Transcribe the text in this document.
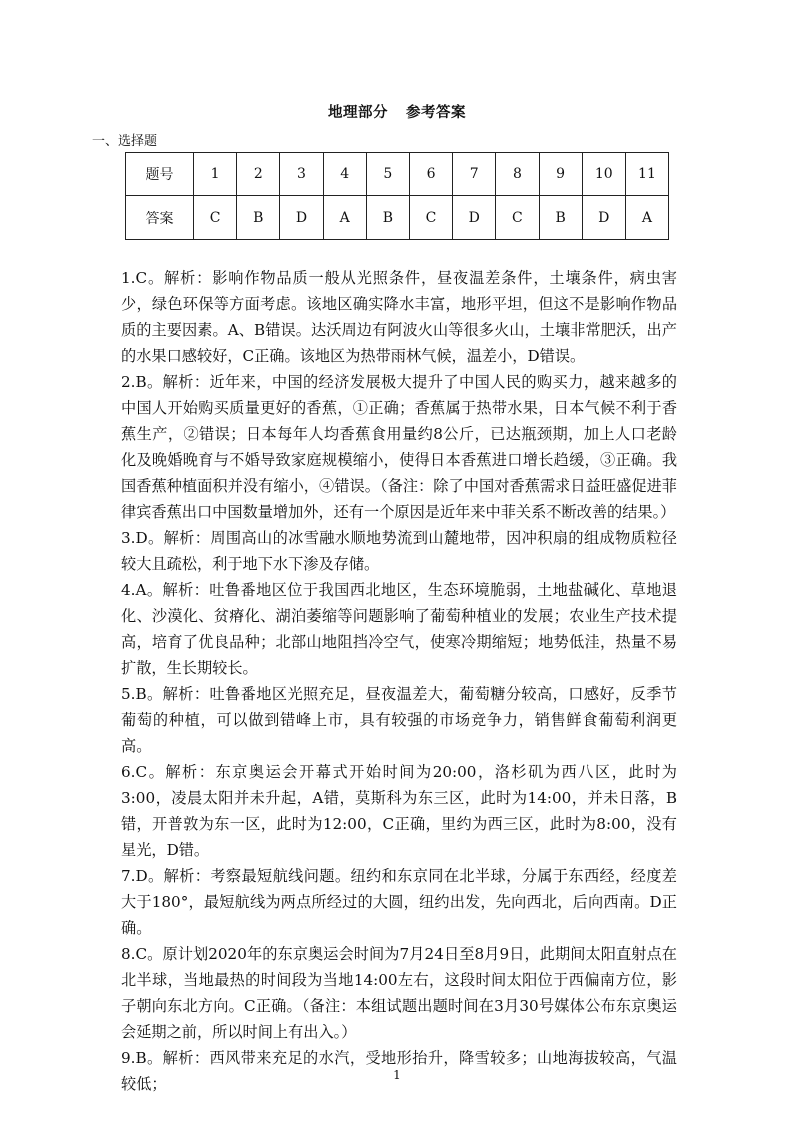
地理部分 参考答案
一、选择题
题号	1	2	3	4	5	6	7	8	9	10	11
答案	C	B	D	A	B	C	D	C	B	D	A

1.C。解析：影响作物品质一般从光照条件，昼夜温差条件，土壤条件，病虫害少，绿色环保等方面考虑。该地区确实降水丰富，地形平坦，但这不是影响作物品质的主要因素。A、B错误。达沃周边有阿波火山等很多火山，土壤非常肥沃，出产的水果口感较好，C正确。该地区为热带雨林气候，温差小，D错误。

2.B。解析：近年来，中国的经济发展极大提升了中国人民的购买力，越来越多的中国人开始购买质量更好的香蕉，①正确；香蕉属于热带水果，日本气候不利于香蕉生产，②错误；日本每年人均香蕉食用量约8公斤，已达瓶颈期，加上人口老龄化及晚婚晚育与不婚导致家庭规模缩小，使得日本香蕉进口增长趋缓，③正确。我国香蕉种植面积并没有缩小，④错误。（备注：除了中国对香蕉需求日益旺盛促进菲律宾香蕉出口中国数量增加外，还有一个原因是近年来中菲关系不断改善的结果。）

3.D。解析：周围高山的冰雪融水顺地势流到山麓地带，因冲积扇的组成物质粒径较大且疏松，利于地下水下渗及存储。

4.A。解析：吐鲁番地区位于我国西北地区，生态环境脆弱，土地盐碱化、草地退化、沙漠化、贫瘠化、湖泊萎缩等问题影响了葡萄种植业的发展；农业生产技术提高，培育了优良品种；北部山地阻挡冷空气，使寒冷期缩短；地势低洼，热量不易扩散，生长期较长。

5.B。解析：吐鲁番地区光照充足，昼夜温差大，葡萄糖分较高，口感好，反季节葡萄的种植，可以做到错峰上市，具有较强的市场竞争力，销售鲜食葡萄利润更高。

6.C。解析：东京奥运会开幕式开始时间为20:00，洛杉矶为西八区，此时为3:00，凌晨太阳并未升起，A错，莫斯科为东三区，此时为14:00，并未日落，B错，开普敦为东一区，此时为12:00，C正确，里约为西三区，此时为8:00，没有星光，D错。

7.D。解析：考察最短航线问题。纽约和东京同在北半球，分属于东西经，经度差大于180°，最短航线为两点所经过的大圆，纽约出发，先向西北，后向西南。D正确。

8.C。原计划2020年的东京奥运会时间为7月24日至8月9日，此期间太阳直射点在北半球，当地最热的时间段为当地14:00左右，这段时间太阳位于西偏南方位，影子朝向东北方向。C正确。（备注：本组试题出题时间在3月30号媒体公布东京奥运会延期之前，所以时间上有出入。）

9.B。解析：西风带来充足的水汽，受地形抬升，降雪较多；山地海拔较高，气温较低；	1
